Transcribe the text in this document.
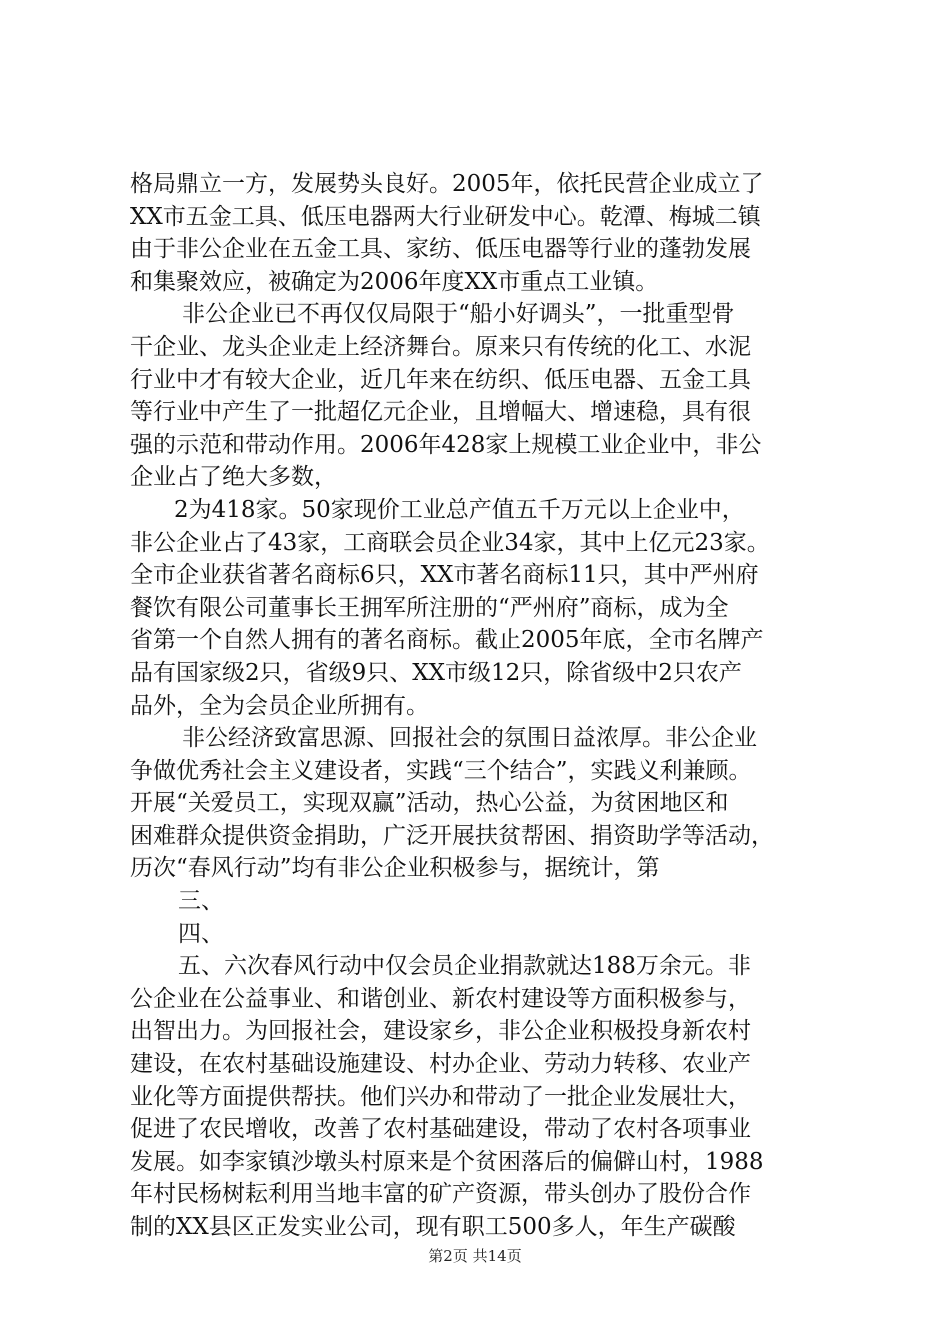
格局鼎立一方，发展势头良好。2005年，依托民营企业成立了
XX市五金工具、低压电器两大行业研发中心。乾潭、梅城二镇
由于非公企业在五金工具、家纺、低压电器等行业的蓬勃发展
和集聚效应，被确定为2006年度XX市重点工业镇。
非公企业已不再仅仅局限于“船小好调头”，一批重型骨
干企业、龙头企业走上经济舞台。原来只有传统的化工、水泥
行业中才有较大企业，近几年来在纺织、低压电器、五金工具
等行业中产生了一批超亿元企业，且增幅大、增速稳，具有很
强的示范和带动作用。2006年428家上规模工业企业中，非公
企业占了绝大多数，
2为418家。50家现价工业总产值五千万元以上企业中，
非公企业占了43家，工商联会员企业34家，其中上亿元23家。
全市企业获省著名商标6只，XX市著名商标11只，其中严州府
餐饮有限公司董事长王拥军所注册的“严州府”商标，成为全
省第一个自然人拥有的著名商标。截止2005年底，全市名牌产
品有国家级2只，省级9只、XX市级12只，除省级中2只农产
品外，全为会员企业所拥有。
非公经济致富思源、回报社会的氛围日益浓厚。非公企业
争做优秀社会主义建设者，实践“三个结合”，实践义利兼顾。
开展“关爱员工，实现双赢”活动，热心公益，为贫困地区和
困难群众提供资金捐助，广泛开展扶贫帮困、捐资助学等活动，
历次“春风行动”均有非公企业积极参与，据统计，第
三、
四、
五、六次春风行动中仅会员企业捐款就达188万余元。非
公企业在公益事业、和谐创业、新农村建设等方面积极参与，
出智出力。为回报社会，建设家乡，非公企业积极投身新农村
建设，在农村基础设施建设、村办企业、劳动力转移、农业产
业化等方面提供帮扶。他们兴办和带动了一批企业发展壮大，
促进了农民增收，改善了农村基础建设，带动了农村各项事业
发展。如李家镇沙墩头村原来是个贫困落后的偏僻山村，1988
年村民杨树耘利用当地丰富的矿产资源，带头创办了股份合作
制的XX县区正发实业公司，现有职工500多人，年生产碳酸
第2页 共14页
